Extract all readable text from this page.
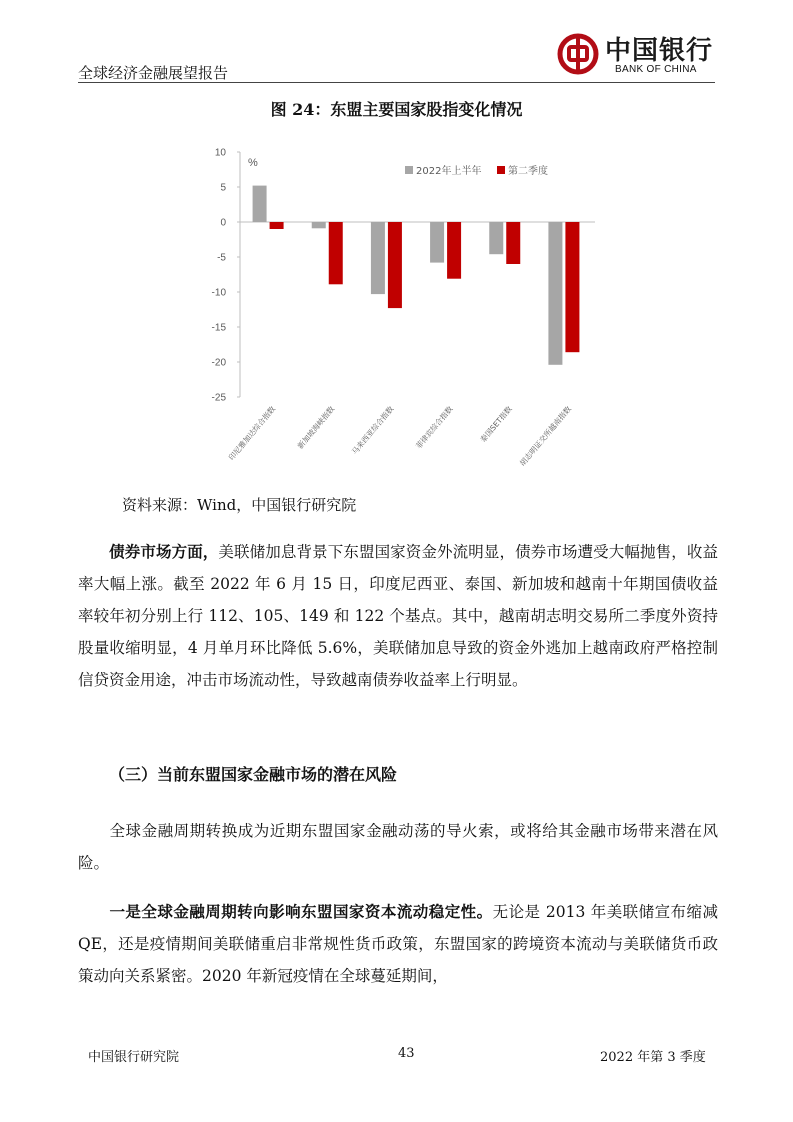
全球经济金融展望报告
中国银行
BANK OF CHINA
图 24：东盟主要国家股指变化情况
10
5
0
-5
-10
-15
-20
-25
%
印尼雅加达综合指数 新加坡海峡指数 马来西亚综合指数 菲律宾综合指数	泰国SET指数 胡志明证交所越南指数
2022年上半年	第二季度
资料来源：Wind，中国银行研究院
债券市场方面，美联储加息背景下东盟国家资金外流明显，债券市场遭受大幅抛售，收益率大幅上涨。截至 2022 年 6 月 15 日，印度尼西亚、泰国、新加坡和越南十年期国债收益率较年初分别上行 112、105、149 和 122 个基点。其中，越南胡志明交易所二季度外资持股量收缩明显，4 月单月环比降低 5.6%，美联储加息导致的资金外逃加上越南政府严格控制信贷资金用途，冲击市场流动性，导致越南债券收益率上行明显。
（三）当前东盟国家金融市场的潜在风险
全球金融周期转换成为近期东盟国家金融动荡的导火索，或将给其金融市场带来潜在风险。
一是全球金融周期转向影响东盟国家资本流动稳定性。无论是 2013 年美联储宣布缩减 QE，还是疫情期间美联储重启非常规性货币政策，东盟国家的跨境资本流动与美联储货币政策动向关系紧密。2020 年新冠疫情在全球蔓延期间，
中国银行研究院	43	2022 年第 3 季度
